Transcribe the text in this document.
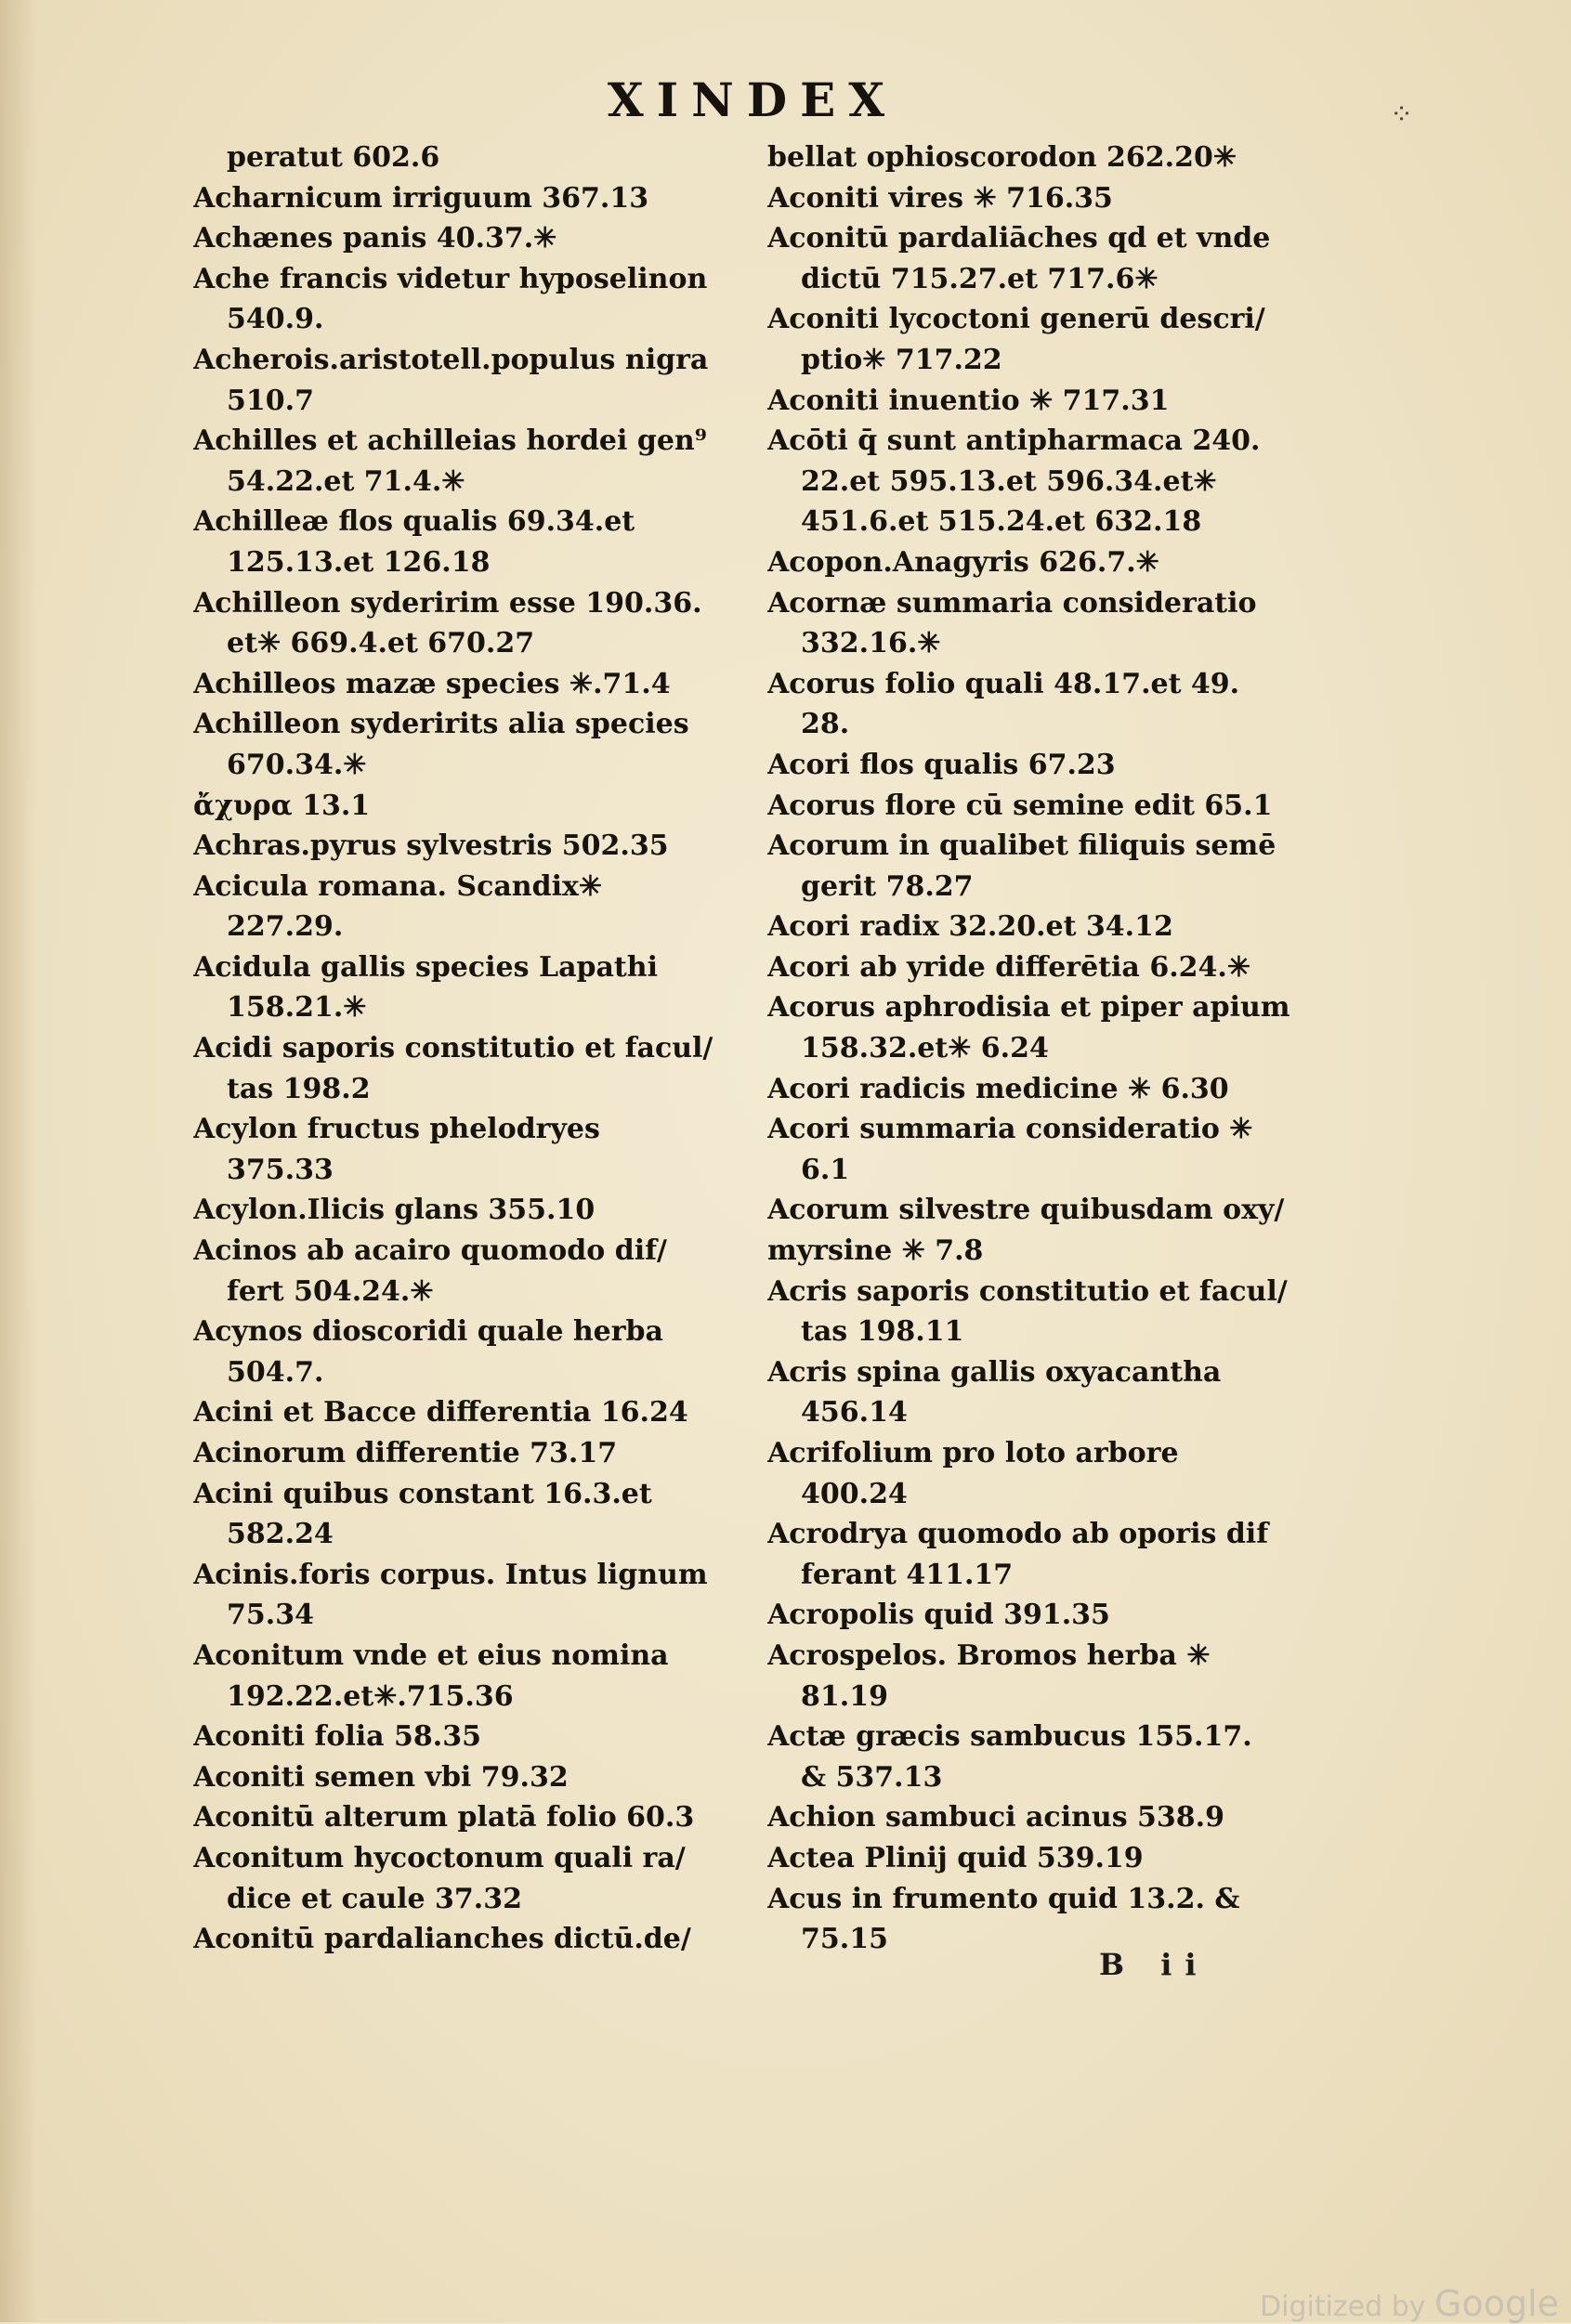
XINDEX	⁘
peratut 602.6
Acharnicum irriguum 367.13
Achænes panis 40.37.✳
Ache francis videtur hyposelinon
540.9.
Acherois.aristotell.populus nigra
510.7
Achilles et achilleias hordei gen⁹
54.22.et 71.4.✳
Achilleæ flos qualis 69.34.et
125.13.et 126.18
Achilleon syderirim esse 190.36.
et✳ 669.4.et 670.27
Achilleos mazæ species ✳.71.4
Achilleon syderirits alia species
670.34.✳
ἄχυρα 13.1
Achras.pyrus sylvestris 502.35
Acicula romana. Scandix✳
227.29.
Acidula gallis species Lapathi
158.21.✳
Acidi saporis constitutio et facul/
tas 198.2
Acylon fructus phelodryes
375.33
Acylon.Ilicis glans 355.10
Acinos ab acairo quomodo dif/
fert 504.24.✳
Acynos dioscoridi quale herba
504.7.
Acini et Bacce differentia 16.24
Acinorum differentie 73.17
Acini quibus constant 16.3.et
582.24
Acinis.foris corpus. Intus lignum
75.34
Aconitum vnde et eius nomina
192.22.et✳.715.36
Aconiti folia 58.35
Aconiti semen vbi 79.32
Aconitū alterum platā folio 60.3
Aconitum hycoctonum quali ra/
dice et caule 37.32
Aconitū pardalianches dictū.de/
bellat ophioscorodon 262.20✳
Aconiti vires ✳ 716.35
Aconitū pardaliāches qd et vnde
dictū 715.27.et 717.6✳
Aconiti lycoctoni generū descri/
ptio✳ 717.22
Aconiti inuentio ✳ 717.31
Acōti q̄ sunt antipharmaca 240.
22.et 595.13.et 596.34.et✳
451.6.et 515.24.et 632.18
Acopon.Anagyris 626.7.✳
Acornæ summaria consideratio
332.16.✳
Acorus folio quali 48.17.et 49.
28.
Acori flos qualis 67.23
Acorus flore cū semine edit 65.1
Acorum in qualibet filiquis semē
gerit 78.27
Acori radix 32.20.et 34.12
Acori ab yride differētia 6.24.✳
Acorus aphrodisia et piper apium
158.32.et✳ 6.24
Acori radicis medicine ✳ 6.30
Acori summaria consideratio ✳
6.1
Acorum silvestre quibusdam oxy/
myrsine ✳ 7.8
Acris saporis constitutio et facul/
tas 198.11
Acris spina gallis oxyacantha
456.14
Acrifolium pro loto arbore
400.24
Acrodrya quomodo ab oporis dif
ferant 411.17
Acropolis quid 391.35
Acrospelos. Bromos herba ✳
81.19
Actæ græcis sambucus 155.17.
& 537.13
Achion sambuci acinus 538.9
Actea Plinij quid 539.19
Acus in frumento quid 13.2. &
75.15
B ii
Digitized by Google
